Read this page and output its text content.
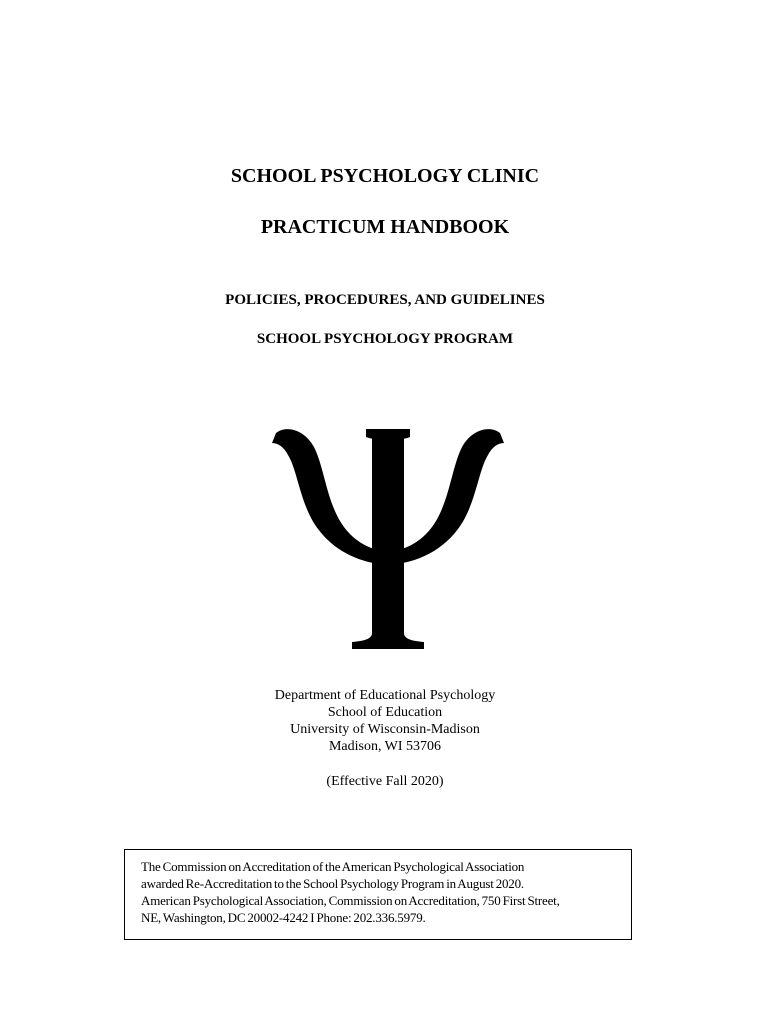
SCHOOL PSYCHOLOGY CLINIC
PRACTICUM HANDBOOK
POLICIES, PROCEDURES, AND GUIDELINES
SCHOOL PSYCHOLOGY PROGRAM
Department of Educational Psychology
School of Education
University of Wisconsin-Madison
Madison, WI 53706
(Effective Fall 2020)
The Commission on Accreditation of the American Psychological Association
awarded Re-Accreditation to the School Psychology Program in August 2020.
American Psychological Association, Commission on Accreditation, 750 First Street,
NE, Washington, DC 20002-4242 I Phone: 202.336.5979.
